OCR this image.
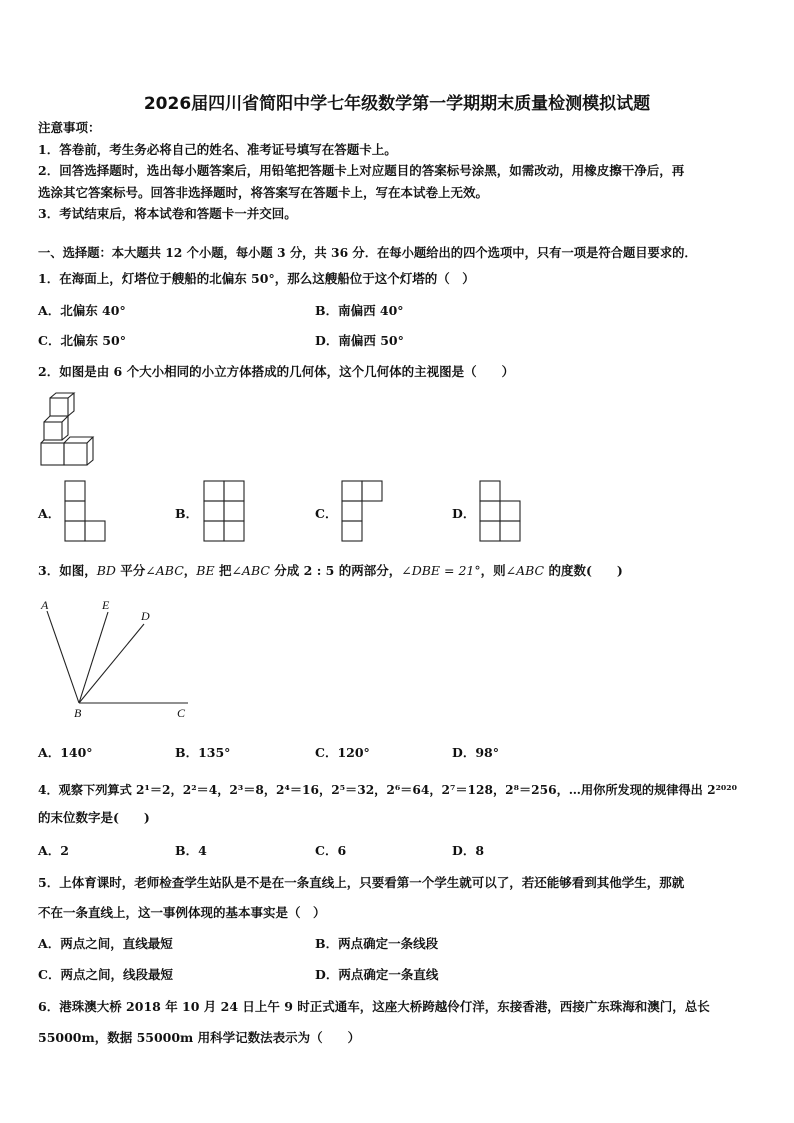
2026届四川省简阳中学七年级数学第一学期期末质量检测模拟试题
注意事项：
1．答卷前，考生务必将自己的姓名、准考证号填写在答题卡上。
2．回答选择题时，选出每小题答案后，用铅笔把答题卡上对应题目的答案标号涂黑，如需改动，用橡皮擦干净后，再
选涂其它答案标号。回答非选择题时，将答案写在答题卡上，写在本试卷上无效。
3．考试结束后，将本试卷和答题卡一并交回。
一、选择题：本大题共 12 个小题，每小题 3 分，共 36 分．在每小题给出的四个选项中，只有一项是符合题目要求的．
1．在海面上，灯塔位于艘船的北偏东 50°，那么这艘船位于这个灯塔的（　）
A．北偏东 40°	B．南偏西 40°
C．北偏东 50°	D．南偏西 50°
2．如图是由 6 个大小相同的小立方体搭成的几何体，这个几何体的主视图是（　　）
A．	B．	C．	D．
3．如图，BD 平分∠ABC，BE 把∠ABC 分成 2 : 5 的两部分，∠DBE = 21°，则∠ABC 的度数(　　)
A	E
D
B	C
A．140°	B．135°	C．120°	D．98°
4．观察下列算式 2¹＝2，2²＝4，2³＝8，2⁴＝16，2⁵＝32，2⁶＝64，2⁷＝128，2⁸＝256，…用你所发现的规律得出 2²⁰²⁰
的末位数字是(　　)
A．2	B．4	C．6	D．8
5．上体育课时，老师检查学生站队是不是在一条直线上，只要看第一个学生就可以了，若还能够看到其他学生，那就
不在一条直线上，这一事例体现的基本事实是（　）
A．两点之间，直线最短	B．两点确定一条线段
C．两点之间，线段最短	D．两点确定一条直线
6．港珠澳大桥 2018 年 10 月 24 日上午 9 时正式通车，这座大桥跨越伶仃洋，东接香港，西接广东珠海和澳门，总长
55000m，数据 55000m 用科学记数法表示为（　　）
